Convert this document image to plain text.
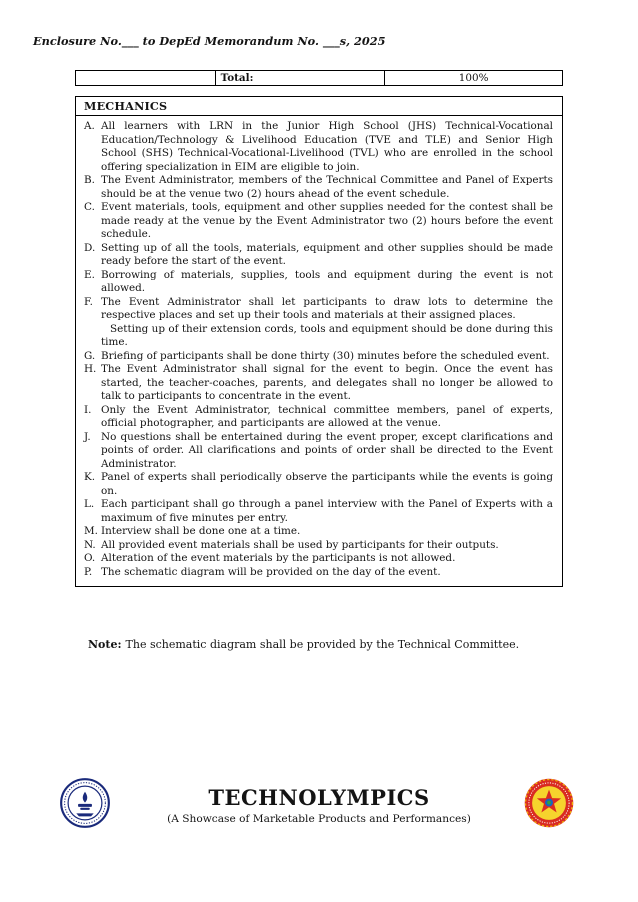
Enclosure No.___ to DepEd Memorandum No. ___s, 2025
	Total:	100%
MECHANICS
A. All learners with LRN in the Junior High School (JHS) Technical-Vocational Education/Technology & Livelihood Education (TVE and TLE) and Senior High School (SHS) Technical-Vocational-Livelihood (TVL) who are enrolled in the school offering specialization in EIM are eligible to join.
B. The Event Administrator, members of the Technical Committee and Panel of Experts should be at the venue two (2) hours ahead of the event schedule.
C. Event materials, tools, equipment and other supplies needed for the contest shall be made ready at the venue by the Event Administrator two (2) hours before the event schedule.
D. Setting up of all the tools, materials, equipment and other supplies should be made ready before the start of the event.
E. Borrowing of materials, supplies, tools and equipment during the event is not allowed.
F. The Event Administrator shall let participants to draw lots to determine the respective places and set up their tools and materials at their assigned places.
Setting up of their extension cords, tools and equipment should be done during this time.
G. Briefing of participants shall be done thirty (30) minutes before the scheduled event.
H. The Event Administrator shall signal for the event to begin. Once the event has started, the teacher-coaches, parents, and delegates shall no longer be allowed to talk to participants to concentrate in the event.
I. Only the Event Administrator, technical committee members, panel of experts, official photographer, and participants are allowed at the venue.
J. No questions shall be entertained during the event proper, except clarifications and points of order. All clarifications and points of order shall be directed to the Event Administrator.
K. Panel of experts shall periodically observe the participants while the events is going on.
L. Each participant shall go through a panel interview with the Panel of Experts with a maximum of five minutes per entry.
M. Interview shall be done one at a time.
N. All provided event materials shall be used by participants for their outputs.
O. Alteration of the event materials by the participants is not allowed.
P. The schematic diagram will be provided on the day of the event.
Note: The schematic diagram shall be provided by the Technical Committee.
TECHNOLYMPICS
(A Showcase of Marketable Products and Performances)
